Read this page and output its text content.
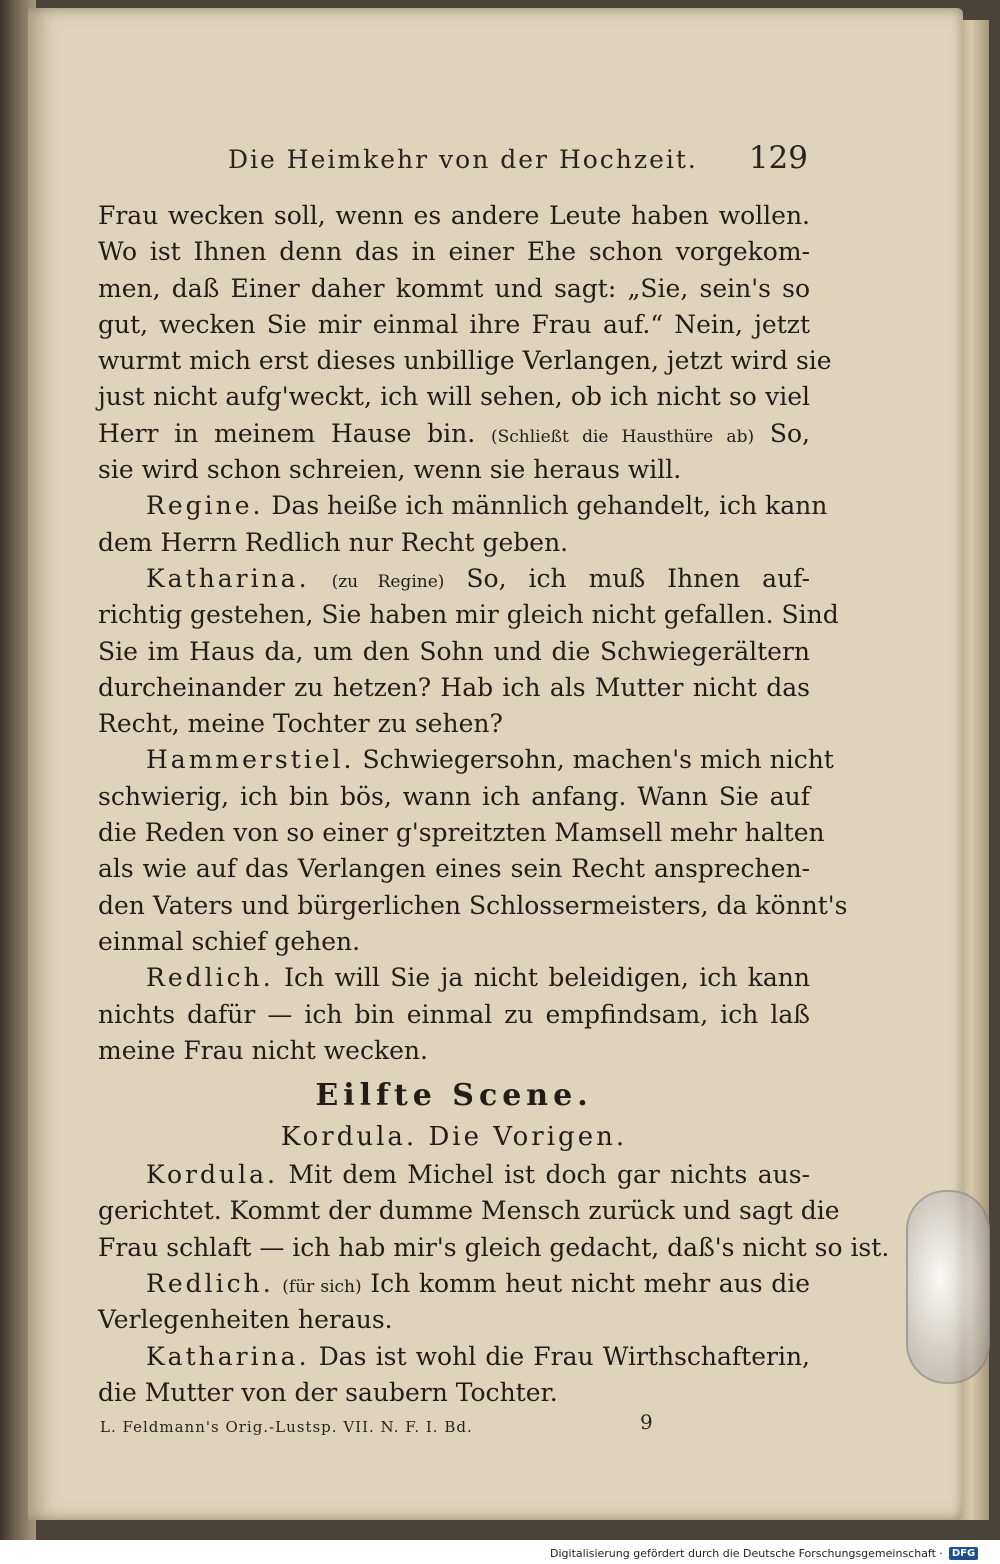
Die Heimkehr von der Hochzeit. 129
Frau wecken soll, wenn es andere Leute haben wollen.
Wo ist Ihnen denn das in einer Ehe schon vorgekom-
men, daß Einer daher kommt und sagt: „Sie, sein's so
gut, wecken Sie mir einmal ihre Frau auf.“ Nein, jetzt
wurmt mich erst dieses unbillige Verlangen, jetzt wird sie
just nicht aufg'weckt, ich will sehen, ob ich nicht so viel
Herr in meinem Hause bin. (Schließt die Hausthüre ab) So,
sie wird schon schreien, wenn sie heraus will.
Regine. Das heiße ich männlich gehandelt, ich kann
dem Herrn Redlich nur Recht geben.
Katharina. (zu Regine) So, ich muß Ihnen auf-
richtig gestehen, Sie haben mir gleich nicht gefallen. Sind
Sie im Haus da, um den Sohn und die Schwiegerältern
durcheinander zu hetzen? Hab ich als Mutter nicht das
Recht, meine Tochter zu sehen?
Hammerstiel. Schwiegersohn, machen's mich nicht
schwierig, ich bin bös, wann ich anfang. Wann Sie auf
die Reden von so einer g'spreitzten Mamsell mehr halten
als wie auf das Verlangen eines sein Recht ansprechen-
den Vaters und bürgerlichen Schlossermeisters, da könnt's
einmal schief gehen.
Redlich. Ich will Sie ja nicht beleidigen, ich kann
nichts dafür — ich bin einmal zu empfindsam, ich laß
meine Frau nicht wecken.
Eilfte Scene.
Kordula. Die Vorigen.
Kordula. Mit dem Michel ist doch gar nichts aus-
gerichtet. Kommt der dumme Mensch zurück und sagt die
Frau schlaft — ich hab mir's gleich gedacht, daß's nicht so ist.
Redlich. (für sich) Ich komm heut nicht mehr aus die
Verlegenheiten heraus.
Katharina. Das ist wohl die Frau Wirthschafterin,
die Mutter von der saubern Tochter.
L. Feldmann's Orig.-Lustsp. VII. N. F. I. Bd.	9
Digitalisierung gefördert durch die Deutsche Forschungsgemeinschaft · DFG
